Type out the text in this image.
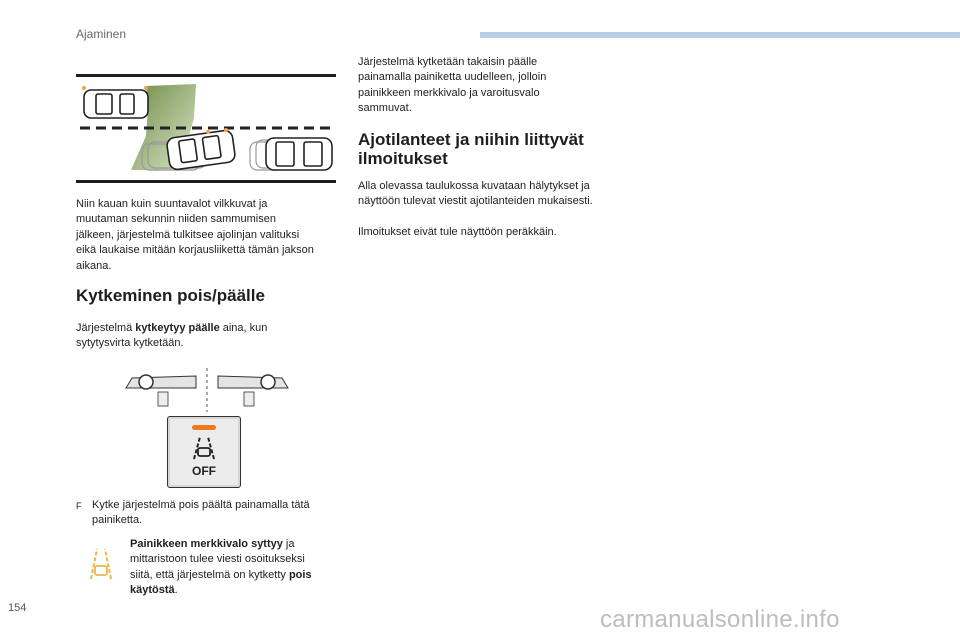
Ajaminen
Niin kauan kuin suuntavalot vilkkuvat ja muutaman sekunnin niiden sammumisen jälkeen, järjestelmä tulkitsee ajolinjan valituksi eikä laukaise mitään korjausliikettä tämän jakson aikana.
Kytkeminen pois/päälle
Järjestelmä kytkeytyy päälle aina, kun sytytysvirta kytketään.
OFF
F Kytke järjestelmä pois päältä painamalla tätä painiketta.
Painikkeen merkkivalo syttyy ja mittaristoon tulee viesti osoitukseksi siitä, että järjestelmä on kytketty pois käytöstä.
Järjestelmä kytketään takaisin päälle painamalla painiketta uudelleen, jolloin painikkeen merkkivalo ja varoitusvalo sammuvat.
Ajotilanteet ja niihin liittyvät ilmoitukset
Alla olevassa taulukossa kuvataan hälytykset ja näyttöön tulevat viestit ajotilanteiden mukaisesti.
Ilmoitukset eivät tule näyttöön peräkkäin.
154	carmanualsonline.info
